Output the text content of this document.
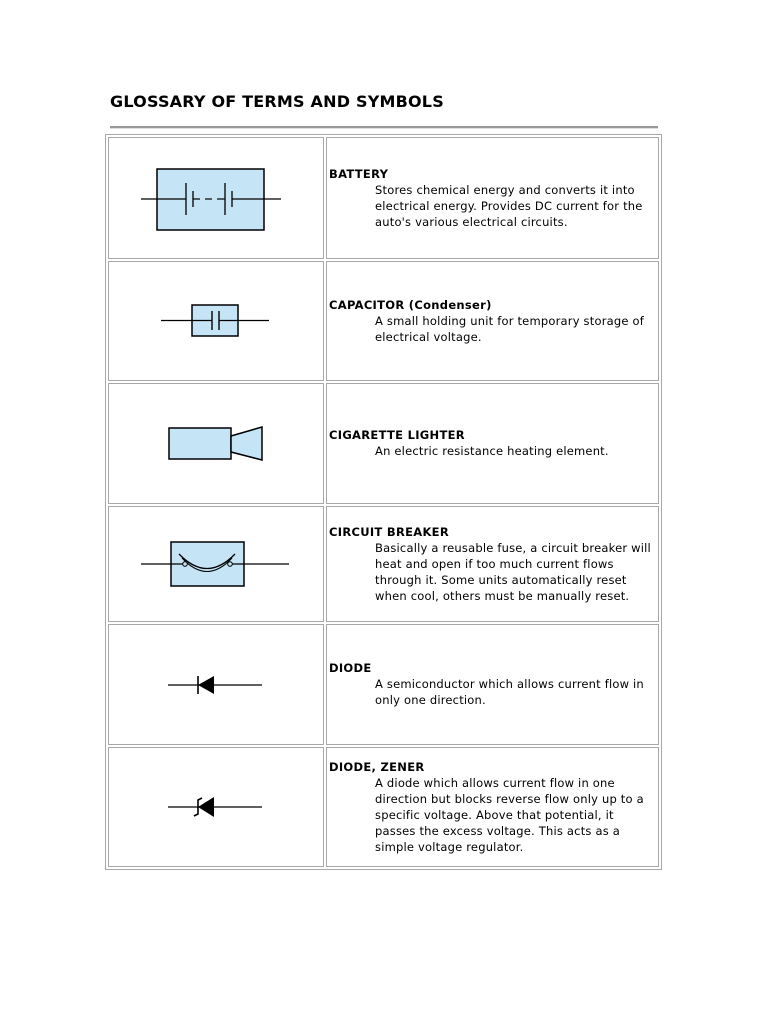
GLOSSARY OF TERMS AND SYMBOLS
BATTERY
Stores chemical energy and converts it into electrical energy. Provides DC current for the auto's various electrical circuits.
CAPACITOR (Condenser)
A small holding unit for temporary storage of electrical voltage.
CIGARETTE LIGHTER
An electric resistance heating element.
CIRCUIT BREAKER
Basically a reusable fuse, a circuit breaker will heat and open if too much current flows through it. Some units automatically reset when cool, others must be manually reset.
DIODE
A semiconductor which allows current flow in only one direction.
DIODE, ZENER
A diode which allows current flow in one direction but blocks reverse flow only up to a specific voltage. Above that potential, it passes the excess voltage. This acts as a simple voltage regulator.
